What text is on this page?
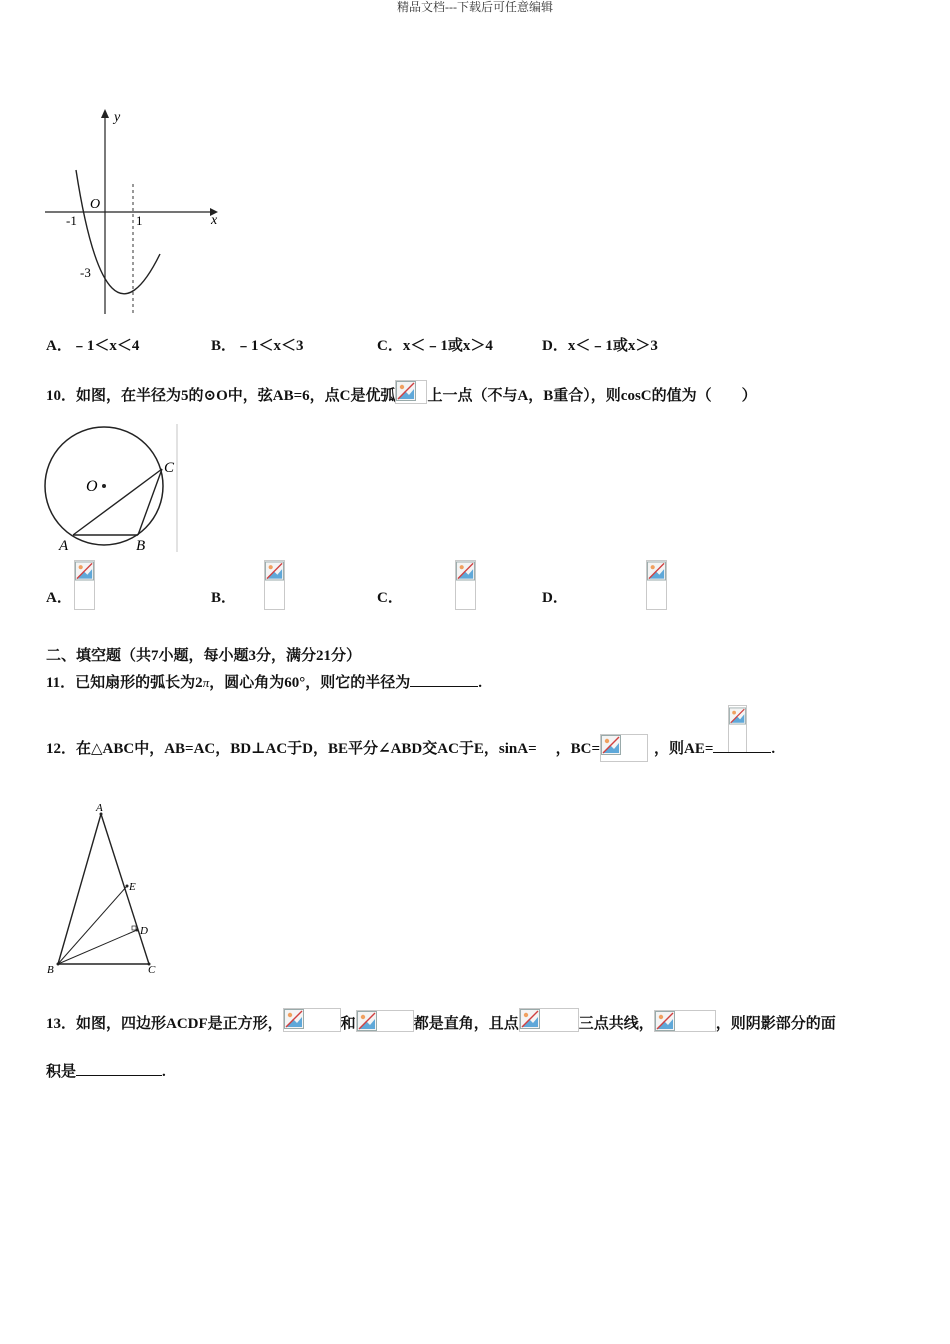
精品文档---下载后可任意编辑
y
x
O
-1	1
-3
A．﹣1＜x＜4	B．﹣1＜x＜3	C．x＜﹣1或x＞4	D．x＜﹣1或x＞3
10．如图，在半径为5的⊙O中，弦AB=6，点C是优弧 上一点（不与A，B重合），则cosC的值为（　　）
O
A	B
C
A．
	B．
	C．
	D．

二、填空题（共7小题，每小题3分，满分21分）
11．已知扇形的弧长为2π，圆心角为60°，则它的半径为	.
12．在△ABC中，AB=AC，BD⊥AC于D，BE平分∠ABD交AC于E，sinA= ，BC=	，则AE=	.
A
E
D
B	C
13．如图，四边形ACDF是正方形，	和	都是直角，且点	三点共线，	，则阴影部分的面
积是	.
